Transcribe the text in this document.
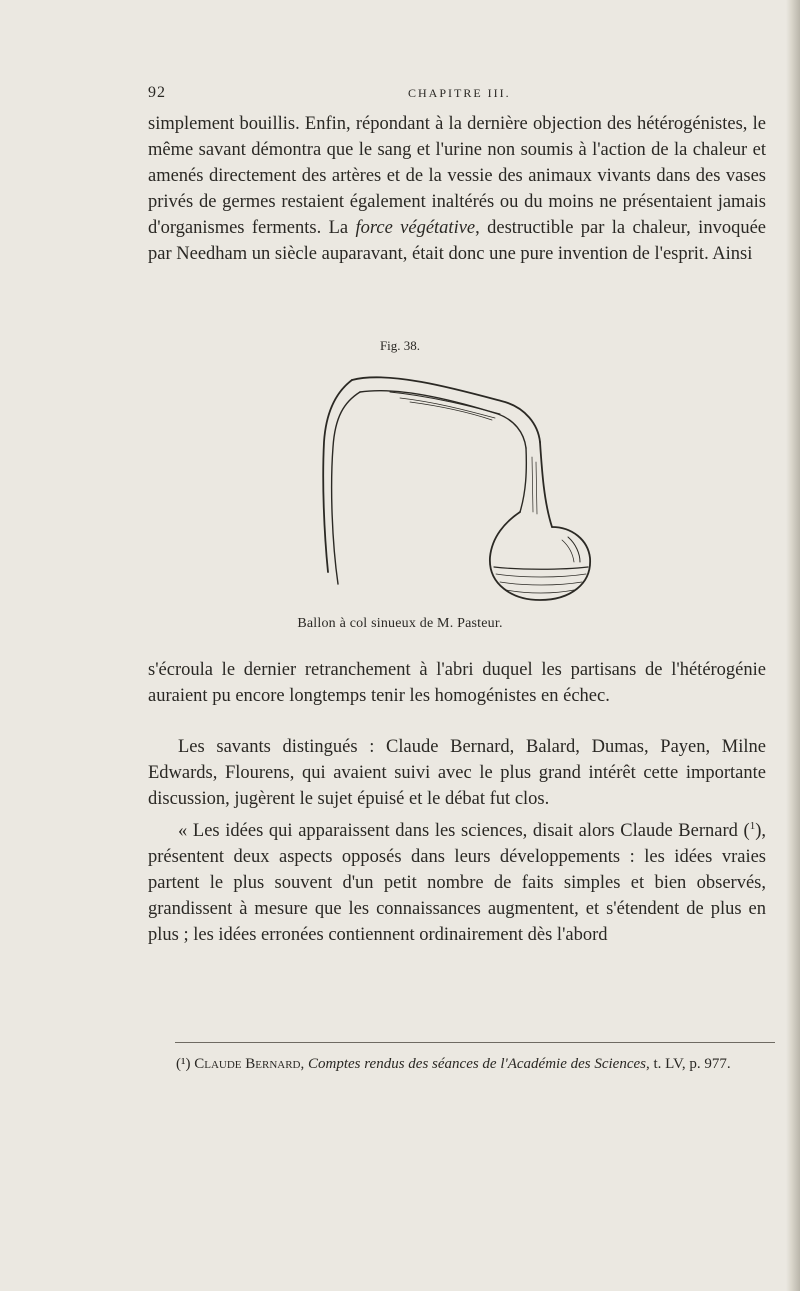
92	CHAPITRE III.

simplement bouillis. Enfin, répondant à la dernière objection des hétérogénistes, le même savant démontra que le sang et l'urine non soumis à l'action de la chaleur et amenés directement des artères et de la vessie des animaux vivants dans des vases privés de germes restaient également inaltérés ou du moins ne présentaient jamais d'organismes ferments. La force végétative, destructible par la chaleur, invoquée par Needham un siècle auparavant, était donc une pure invention de l'esprit. Ainsi

Fig. 38.
Ballon à col sinueux de M. Pasteur.

s'écroula le dernier retranchement à l'abri duquel les partisans de l'hétérogénie auraient pu encore longtemps tenir les homogénistes en échec.

Les savants distingués : Claude Bernard, Balard, Dumas, Payen, Milne Edwards, Flourens, qui avaient suivi avec le plus grand intérêt cette importante discussion, jugèrent le sujet épuisé et le débat fut clos.

« Les idées qui apparaissent dans les sciences, disait alors Claude Bernard ($^1$), présentent deux aspects opposés dans leurs développements : les idées vraies partent le plus souvent d'un petit nombre de faits simples et bien observés, grandissent à mesure que les connaissances augmentent, et s'étendent de plus en plus ; les idées erronées contiennent ordinairement dès l'abord

(¹) Claude Bernard, Comptes rendus des séances de l'Académie des Sciences, t. LV, p. 977.
